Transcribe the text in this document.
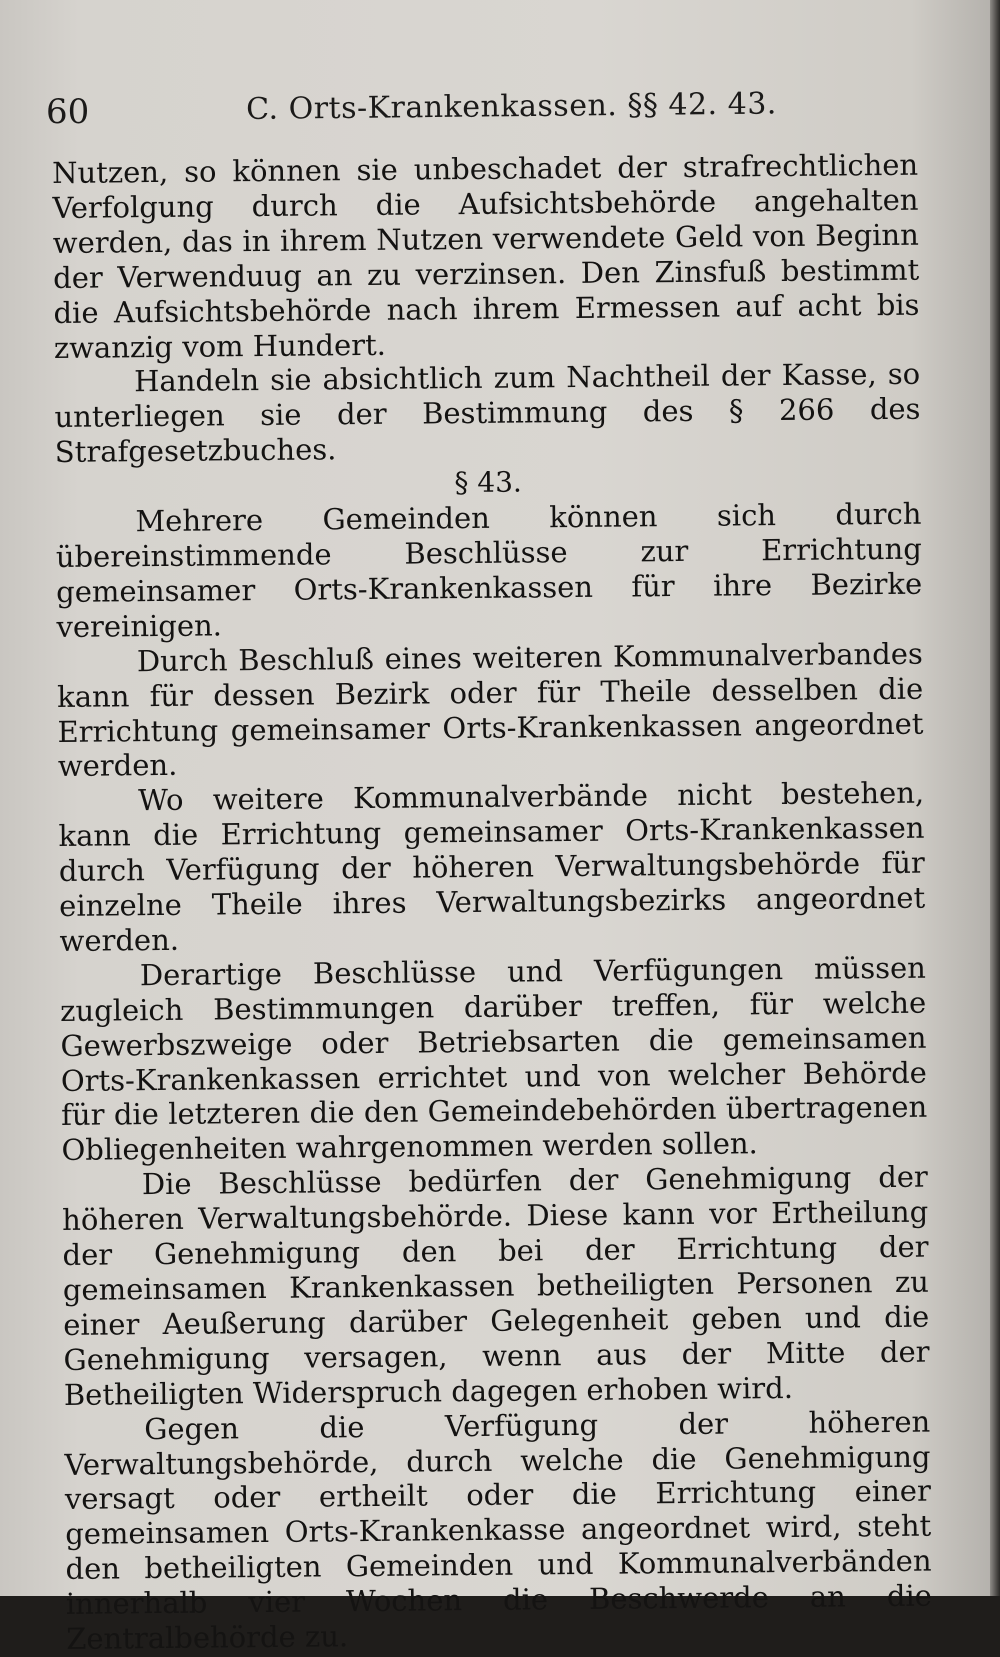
60	C. Orts-Krankenkassen. §§ 42. 43.

Nutzen, so können sie unbeschadet der strafrechtlichen Verfolgung durch die Aufsichtsbehörde angehalten werden, das in ihrem Nutzen verwendete Geld von Beginn der Verwenduug an zu verzinsen. Den Zinsfuß bestimmt die Aufsichtsbehörde nach ihrem Ermessen auf acht bis zwanzig vom Hundert.

Handeln sie absichtlich zum Nachtheil der Kasse, so unterliegen sie der Bestimmung des § 266 des Strafgesetzbuches.

§ 43.

Mehrere Gemeinden können sich durch übereinstimmende Beschlüsse zur Errichtung gemeinsamer Orts-Krankenkassen für ihre Bezirke vereinigen.

Durch Beschluß eines weiteren Kommunalverbandes kann für dessen Bezirk oder für Theile desselben die Errichtung gemeinsamer Orts-Krankenkassen angeordnet werden.

Wo weitere Kommunalverbände nicht bestehen, kann die Errichtung gemeinsamer Orts-Krankenkassen durch Verfügung der höheren Verwaltungsbehörde für einzelne Theile ihres Verwaltungsbezirks angeordnet werden.

Derartige Beschlüsse und Verfügungen müssen zugleich Bestimmungen darüber treffen, für welche Gewerbszweige oder Betriebsarten die gemeinsamen Orts-Krankenkassen errichtet und von welcher Behörde für die letzteren die den Gemeindebehörden übertragenen Obliegenheiten wahrgenommen werden sollen.

Die Beschlüsse bedürfen der Genehmigung der höheren Verwaltungsbehörde. Diese kann vor Ertheilung der Genehmigung den bei der Errichtung der gemeinsamen Krankenkassen betheiligten Personen zu einer Aeußerung darüber Gelegenheit geben und die Genehmigung versagen, wenn aus der Mitte der Betheiligten Widerspruch dagegen erhoben wird.

Gegen die Verfügung der höheren Verwaltungsbehörde, durch welche die Genehmigung versagt oder ertheilt oder die Errichtung einer gemeinsamen Orts-Krankenkasse angeordnet wird, steht den betheiligten Gemeinden und Kommunalverbänden innerhalb vier Wochen die Beschwerde an die Zentralbehörde zu.
